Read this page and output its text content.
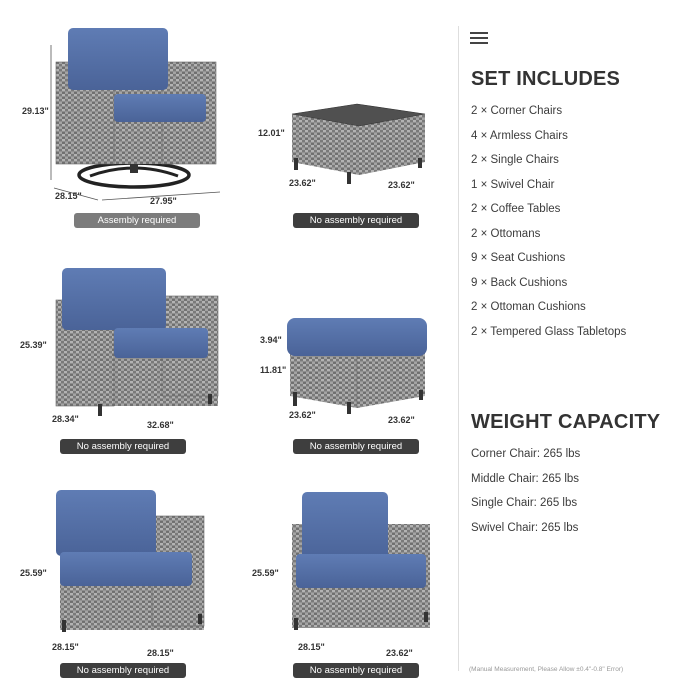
29.13"
28.15"	27.95"
Assembly required
12.01"
23.62"	23.62"
No assembly required
25.39"
28.34"
32.68"
No assembly required
3.94"
11.81"
23.62"	23.62"
No assembly required
25.59"
28.15"
28.15"
No assembly required
25.59"
28.15"
23.62"
No assembly required
SET INCLUDES
2 × Corner Chairs
4 × Armless Chairs
2 × Single Chairs
1 × Swivel Chair
2 × Coffee Tables
2 × Ottomans
9 × Seat Cushions
9 × Back Cushions
2 × Ottoman Cushions
2 × Tempered Glass Tabletops
WEIGHT CAPACITY
Corner Chair: 265 lbs
Middle Chair: 265 lbs
Single Chair: 265 lbs
Swivel Chair: 265 lbs
(Manual Measurement, Please Allow ±0.4"-0.8" Error)
